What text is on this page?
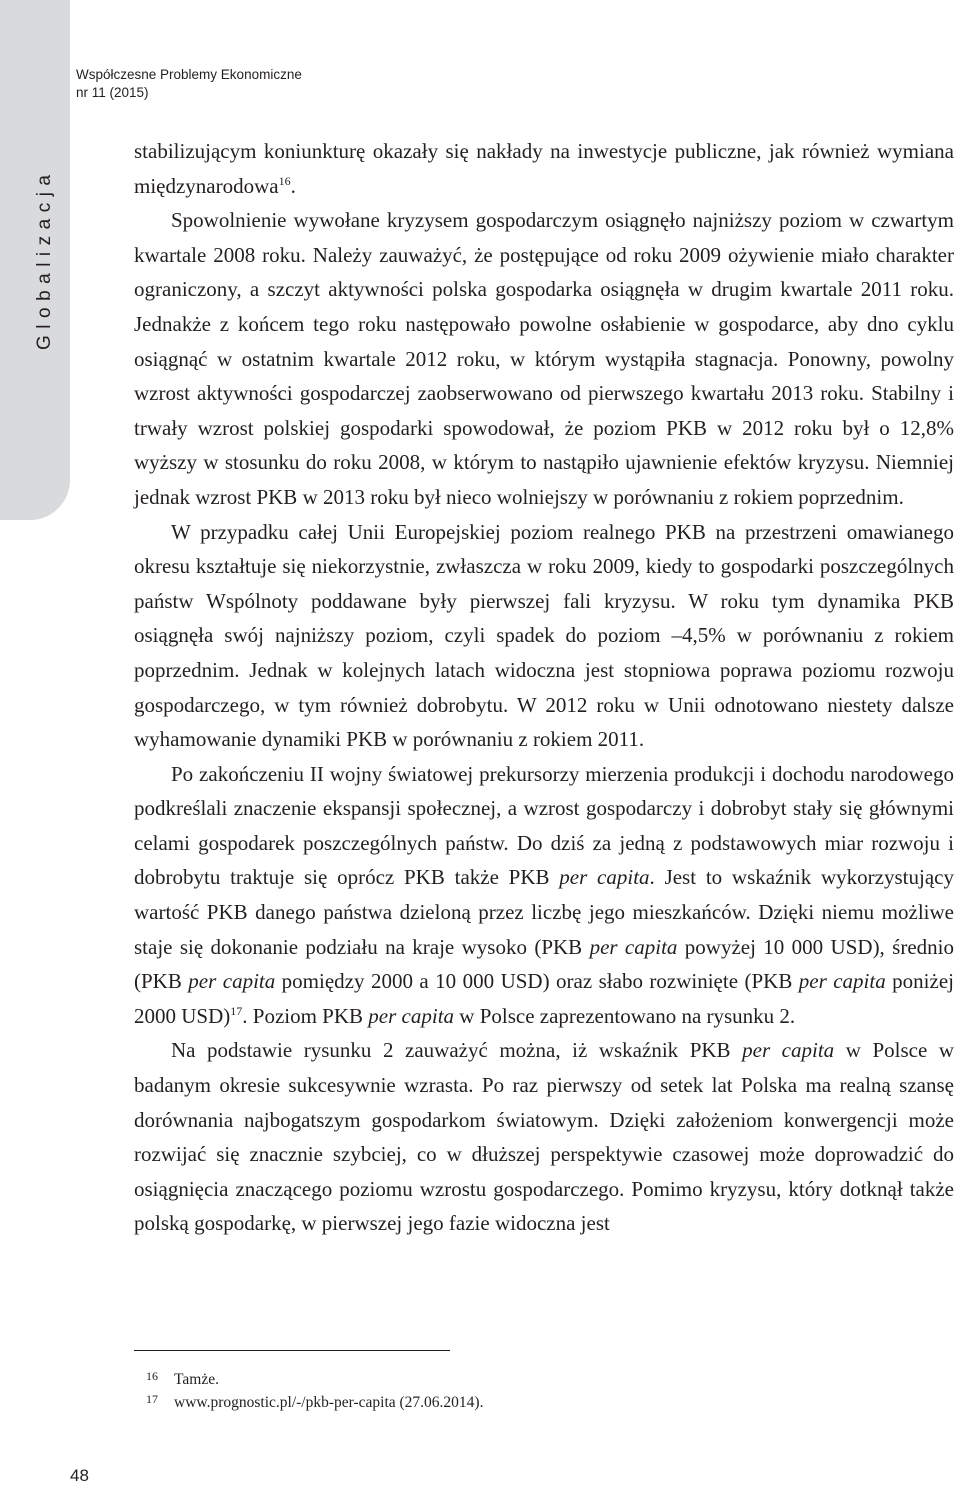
Globalizacja
Współczesne Problemy Ekonomiczne
nr 11 (2015)

stabilizującym koniunkturę okazały się nakłady na inwestycje publiczne, jak również wymiana międzynarodowa$^{16}$.

Spowolnienie wywołane kryzysem gospodarczym osiągnęło najniższy poziom w czwartym kwartale 2008 roku. Należy zauważyć, że postępujące od roku 2009 ożywienie miało charakter ograniczony, a szczyt aktywności polska gospodarka osiągnęła w drugim kwartale 2011 roku. Jednakże z końcem tego roku następowało powolne osłabienie w gospodarce, aby dno cyklu osiągnąć w ostatnim kwartale 2012 roku, w którym wystąpiła stagnacja. Ponowny, powolny wzrost aktywności gospodarczej zaobserwowano od pierwszego kwartału 2013 roku. Stabilny i trwały wzrost polskiej gospodarki spowodował, że poziom PKB w 2012 roku był o 12,8% wyższy w stosunku do roku 2008, w którym to nastąpiło ujawnienie efektów kryzysu. Niemniej jednak wzrost PKB w 2013 roku był nieco wolniejszy w porównaniu z rokiem poprzednim.

W przypadku całej Unii Europejskiej poziom realnego PKB na przestrzeni omawianego okresu kształtuje się niekorzystnie, zwłaszcza w roku 2009, kiedy to gospodarki poszczególnych państw Wspólnoty poddawane były pierwszej fali kryzysu. W roku tym dynamika PKB osiągnęła swój najniższy poziom, czyli spadek do poziom –4,5% w porównaniu z rokiem poprzednim. Jednak w kolejnych latach widoczna jest stopniowa poprawa poziomu rozwoju gospodarczego, w tym również dobrobytu. W 2012 roku w Unii odnotowano niestety dalsze wyhamowanie dynamiki PKB w porównaniu z rokiem 2011.

Po zakończeniu II wojny światowej prekursorzy mierzenia produkcji i dochodu narodowego podkreślali znaczenie ekspansji społecznej, a wzrost gospodarczy i dobrobyt stały się głównymi celami gospodarek poszczególnych państw. Do dziś za jedną z podstawowych miar rozwoju i dobrobytu traktuje się oprócz PKB także PKB per capita. Jest to wskaźnik wykorzystujący wartość PKB danego państwa dzieloną przez liczbę jego mieszkańców. Dzięki niemu możliwe staje się dokonanie podziału na kraje wysoko (PKB per capita powyżej 10 000 USD), średnio (PKB per capita pomiędzy 2000 a 10 000 USD) oraz słabo rozwinięte (PKB per capita poniżej 2000 USD)$^{17}$. Poziom PKB per capita w Polsce zaprezentowano na rysunku 2.

Na podstawie rysunku 2 zauważyć można, iż wskaźnik PKB per capita w Polsce w badanym okresie sukcesywnie wzrasta. Po raz pierwszy od setek lat Polska ma realną szansę dorównania najbogatszym gospodarkom światowym. Dzięki założeniom konwergencji może rozwijać się znacznie szybciej, co w dłuższej perspektywie czasowej może doprowadzić do osiągnięcia znaczącego poziomu wzrostu gospodarczego. Pomimo kryzysu, który dotknął także polską gospodarkę, w pierwszej jego fazie widoczna jest

16 Tamże.
17 www.prognostic.pl/-/pkb-per-capita (27.06.2014).
48
